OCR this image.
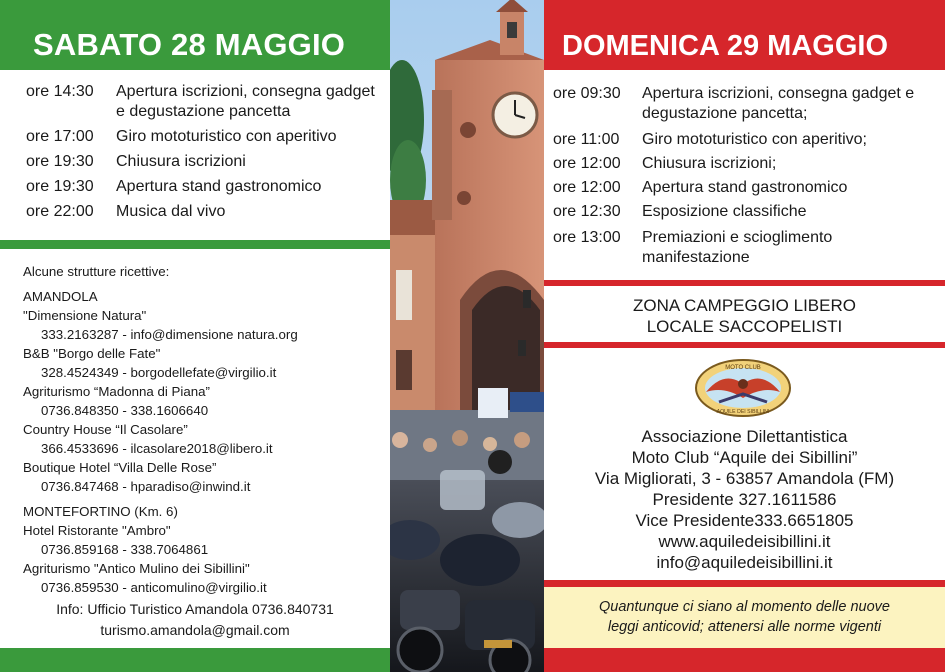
SABATO 28 MAGGIO
ore 14:30	Apertura iscrizioni, consegna gadget e degustazione pancetta
ore 17:00	Giro mototuristico con aperitivo
ore 19:30	Chiusura iscrizioni
ore 19:30	Apertura stand gastronomico
ore 22:00	Musica dal vivo
Alcune strutture ricettive:
AMANDOLA
"Dimensione Natura"
333.2163287 - info@dimensione natura.org
B&B "Borgo delle Fate"
328.4524349 - borgodellefate@virgilio.it
Agriturismo “Madonna di Piana”
0736.848350 - 338.1606640
Country House “Il Casolare”
366.4533696 - ilcasolare2018@libero.it
Boutique Hotel “Villa Delle Rose”
0736.847468 - hparadiso@inwind.it
MONTEFORTINO (Km. 6)
Hotel Ristorante "Ambro"
0736.859168 - 338.7064861
Agriturismo "Antico Mulino dei Sibillini"
0736.859530 - anticomulino@virgilio.it
Info: Ufficio Turistico Amandola 0736.840731
turismo.amandola@gmail.com
DOMENICA 29 MAGGIO
ore 09:30	Apertura iscrizioni, consegna gadget e degustazione pancetta;
ore 11:00	Giro mototuristico con aperitivo;
ore 12:00	Chiusura iscrizioni;
ore 12:00	Apertura stand gastronomico
ore 12:30	Esposizione classifiche
ore 13:00	Premiazioni e scioglimento manifestazione
ZONA CAMPEGGIO LIBERO
LOCALE SACCOPELISTI
MOTO CLUB
AQUILE DEI SIBILLINI
Associazione Dilettantistica
Moto Club “Aquile dei Sibillini”
Via Migliorati, 3 - 63857 Amandola (FM)
Presidente 327.1611586
Vice Presidente333.6651805
www.aquiledeisibillini.it
info@aquiledeisibillini.it
Quantunque ci siano al momento delle nuove
leggi anticovid; attenersi alle norme vigenti
